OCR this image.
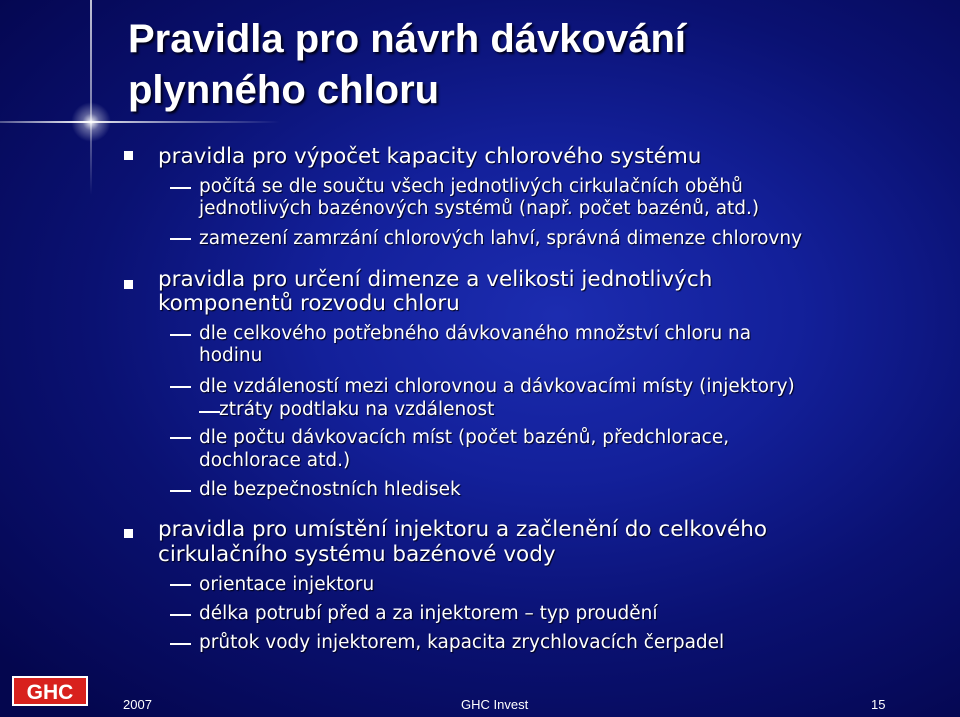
Pravidla pro návrh dávkování
plynného chloru

pravidla pro výpočet kapacity chlorového systému

počítá se dle součtu všech jednotlivých cirkulačních oběhů

jednotlivých bazénových systémů (např. počet bazénů, atd.)

zamezení zamrzání chlorových lahví, správná dimenze chlorovny

pravidla pro určení dimenze a velikosti jednotlivých

komponentů rozvodu chloru

dle celkového potřebného dávkovaného množství chloru na

hodinu

dle vzdáleností mezi chlorovnou a dávkovacími místy (injektory)

ztráty podtlaku na vzdálenost

dle počtu dávkovacích míst (počet bazénů, předchlorace,

dochlorace atd.)

dle bezpečnostních hledisek

pravidla pro umístění injektoru a začlenění do celkového

cirkulačního systému bazénové vody

orientace injektoru

délka potrubí před a za injektorem – typ proudění

průtok vody injektorem, kapacita zrychlovacích čerpadel

GHC
2007	GHC Invest	15
